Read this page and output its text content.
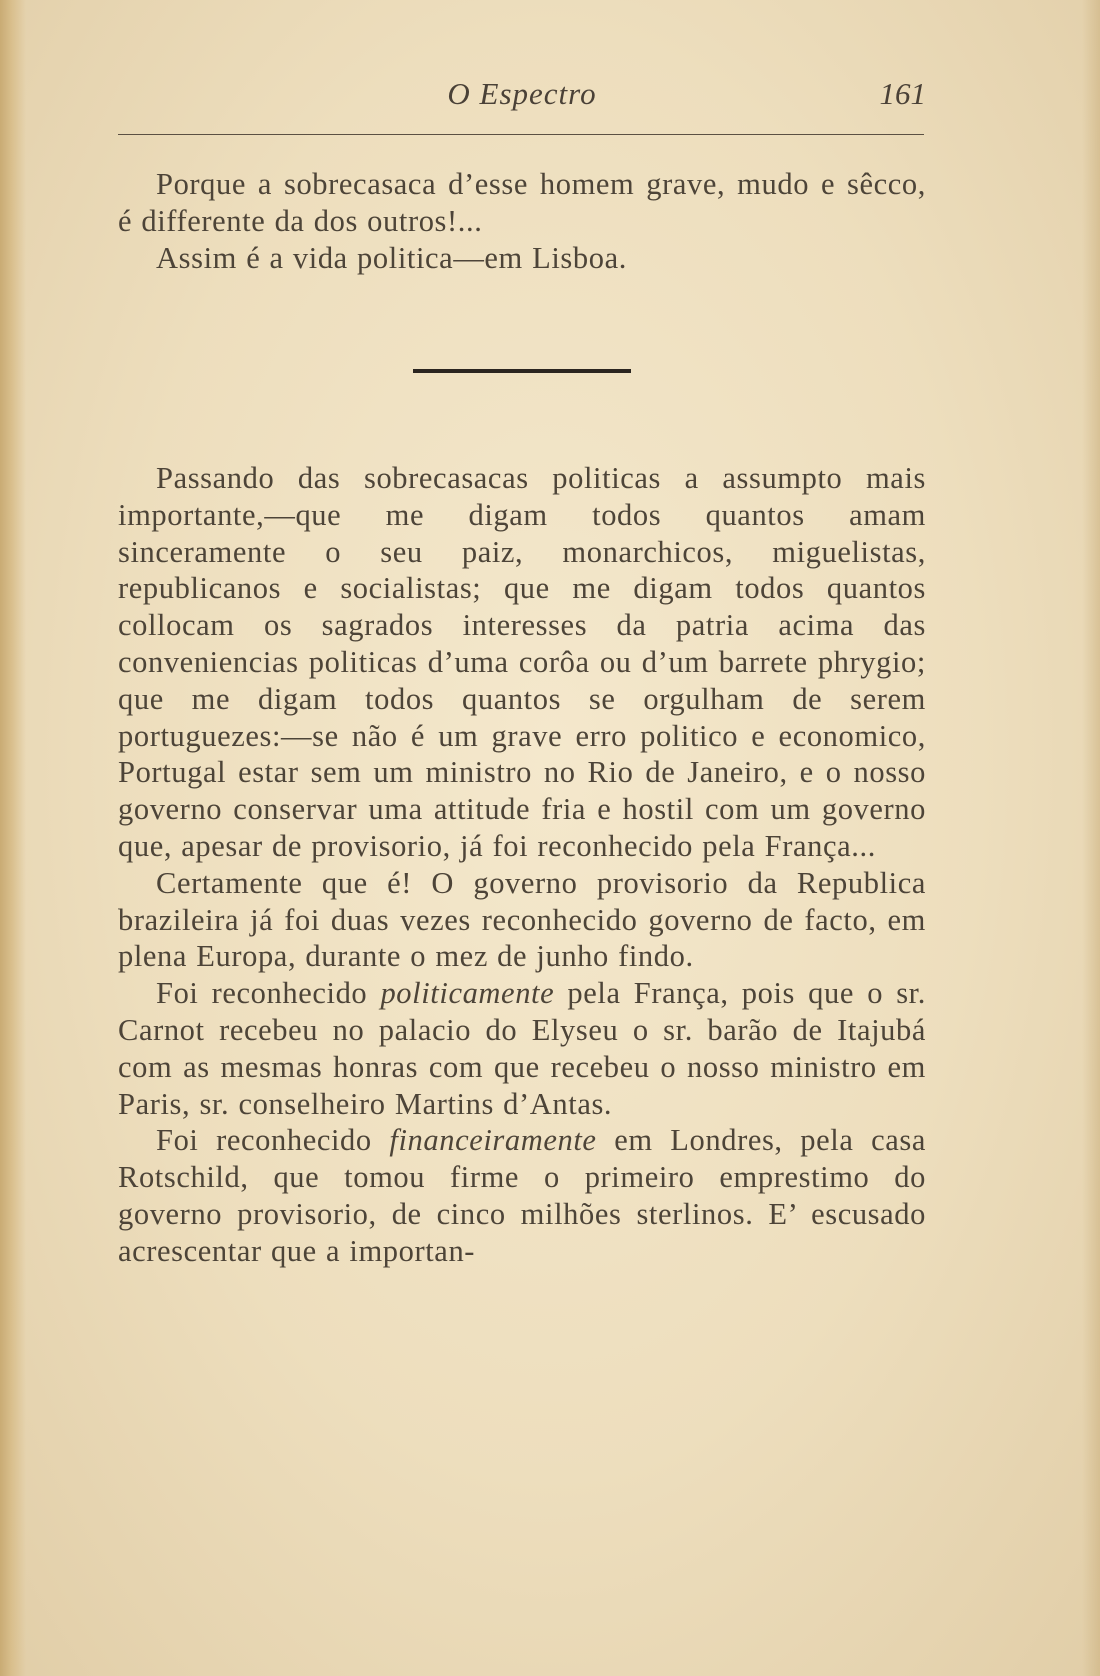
O Espectro	161

Porque a sobrecasaca d’esse homem grave, mudo e sêcco, é differente da dos outros!...

Assim é a vida politica—em Lisboa.

Passando das sobrecasacas politicas a assumpto mais importante,—que me digam todos quantos amam sinceramente o seu paiz, monarchicos, miguelistas, republicanos e socialistas; que me digam todos quantos collocam os sagrados interesses da patria acima das conveniencias politicas d’uma corôa ou d’um barrete phrygio; que me digam todos quantos se orgulham de serem portuguezes:—se não é um grave erro politico e economico, Portugal estar sem um ministro no Rio de Janeiro, e o nosso governo conservar uma attitude fria e hostil com um governo que, apesar de provisorio, já foi reconhecido pela França...

Certamente que é! O governo provisorio da Republica brazileira já foi duas vezes reconhecido governo de facto, em plena Europa, durante o mez de junho findo.

Foi reconhecido politicamente pela França, pois que o sr. Carnot recebeu no palacio do Elyseu o sr. barão de Itajubá com as mesmas honras com que recebeu o nosso ministro em Paris, sr. conselheiro Martins d’Antas.

Foi reconhecido financeiramente em Londres, pela casa Rotschild, que tomou firme o primeiro emprestimo do governo provisorio, de cinco milhões sterlinos. E’ escusado acrescentar que a importan-
